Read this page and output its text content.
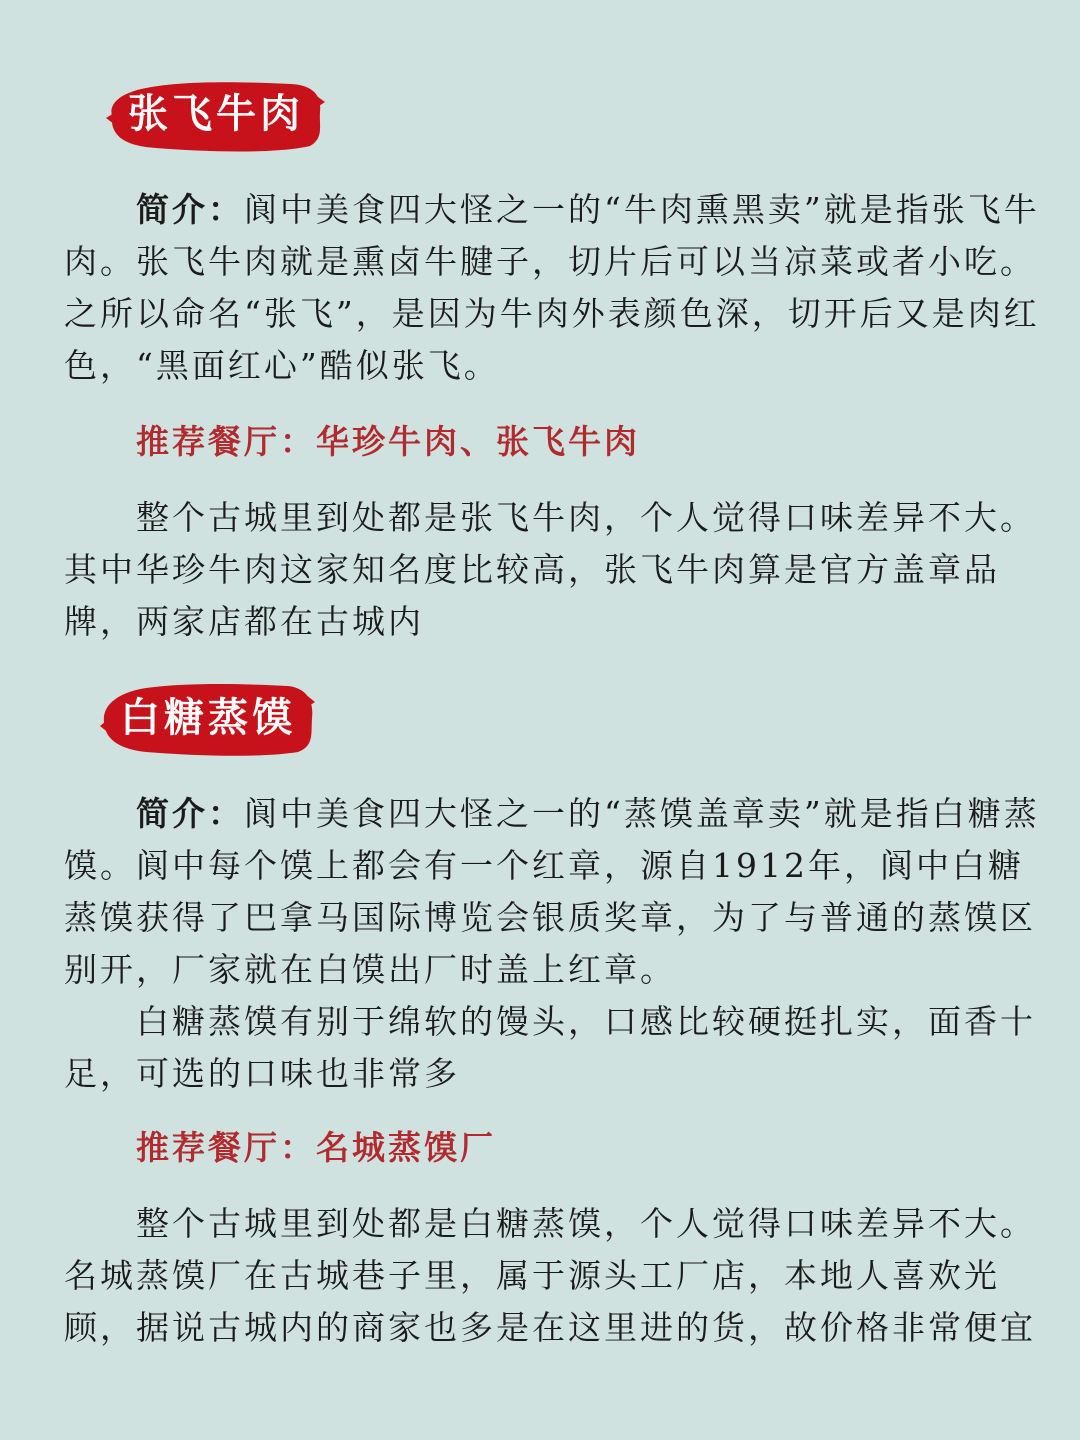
张飞牛肉

简介：阆中美食四大怪之一的“牛肉熏黑卖”就是指张飞牛肉。张飞牛肉就是熏卤牛腱子，切片后可以当凉菜或者小吃。之所以命名“张飞”，是因为牛肉外表颜色深，切开后又是肉红色，“黑面红心”酷似张飞。

推荐餐厅：华珍牛肉、张飞牛肉

整个古城里到处都是张飞牛肉，个人觉得口味差异不大。其中华珍牛肉这家知名度比较高，张飞牛肉算是官方盖章品牌，两家店都在古城内

白糖蒸馍

简介：阆中美食四大怪之一的“蒸馍盖章卖”就是指白糖蒸馍。阆中每个馍上都会有一个红章，源自1912年，阆中白糖蒸馍获得了巴拿马国际博览会银质奖章，为了与普通的蒸馍区别开，厂家就在白馍出厂时盖上红章。

白糖蒸馍有别于绵软的馒头，口感比较硬挺扎实，面香十足，可选的口味也非常多

推荐餐厅：名城蒸馍厂

整个古城里到处都是白糖蒸馍，个人觉得口味差异不大。名城蒸馍厂在古城巷子里，属于源头工厂店，本地人喜欢光顾，据说古城内的商家也多是在这里进的货，故价格非常便宜
